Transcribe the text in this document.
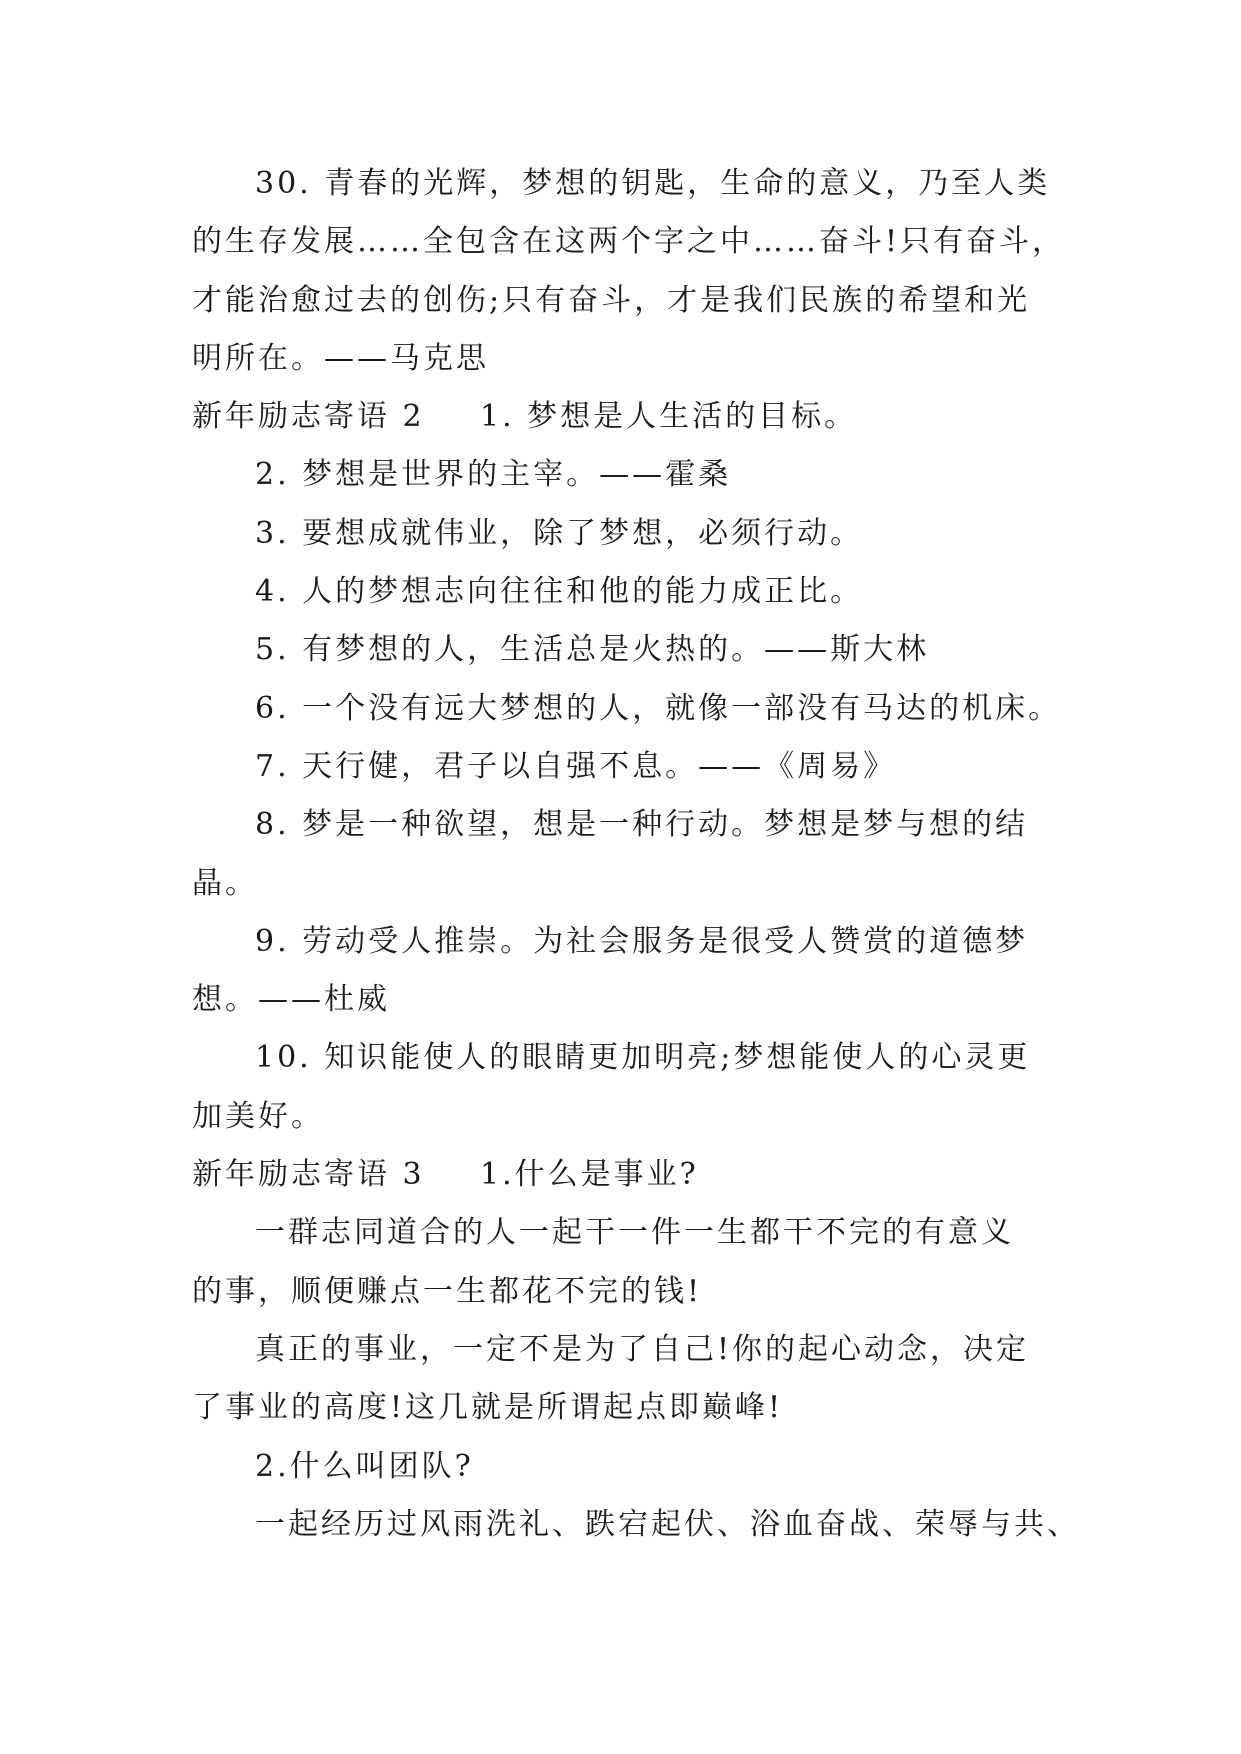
30. 青春的光辉，梦想的钥匙，生命的意义，乃至人类
的生存发展……全包含在这两个字之中……奋斗!只有奋斗，
才能治愈过去的创伤;只有奋斗，才是我们民族的希望和光
明所在。——马克思
新年励志寄语 2 1. 梦想是人生活的目标。
2. 梦想是世界的主宰。——霍桑
3. 要想成就伟业，除了梦想，必须行动。
4. 人的梦想志向往往和他的能力成正比。
5. 有梦想的人，生活总是火热的。——斯大林
6. 一个没有远大梦想的人，就像一部没有马达的机床。
7. 天行健，君子以自强不息。——《周易》
8. 梦是一种欲望，想是一种行动。梦想是梦与想的结
晶。
9. 劳动受人推崇。为社会服务是很受人赞赏的道德梦
想。——杜威
10. 知识能使人的眼睛更加明亮;梦想能使人的心灵更
加美好。
新年励志寄语 3 1.什么是事业?
一群志同道合的人一起干一件一生都干不完的有意义
的事，顺便赚点一生都花不完的钱!
真正的事业，一定不是为了自己!你的起心动念，决定
了事业的高度!这几就是所谓起点即巅峰!
2.什么叫团队?
一起经历过风雨洗礼、跌宕起伏、浴血奋战、荣辱与共、
